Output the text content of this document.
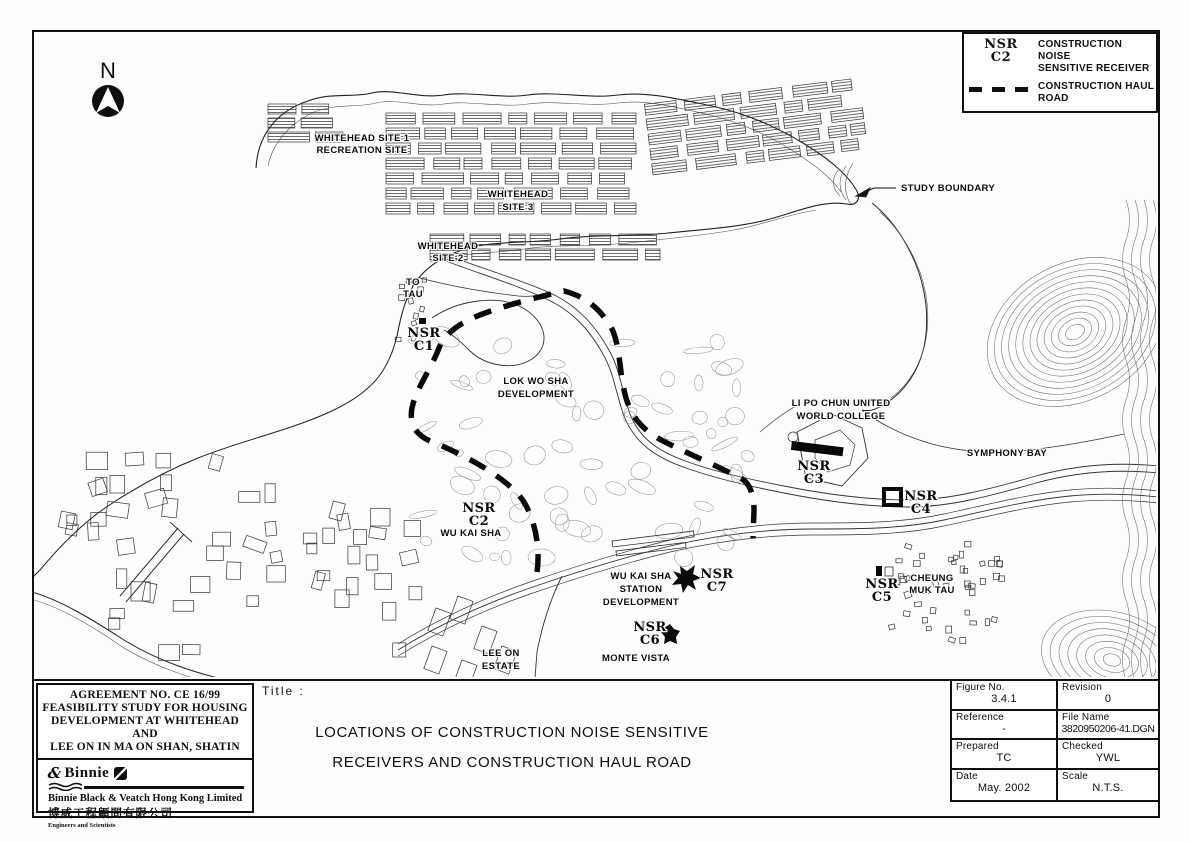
WHITEHEAD SITE 1 RECREATION SITE
WHITEHEAD SITE 3
WHITEHEAD SITE 2
TO TAU
LOK WO SHA DEVELOPMENT
LI PO CHUN UNITED WORLD COLLEGE
SYMPHONY BAY
WU KAI SHA
WU KAI SHA STATION DEVELOPMENT
CHEUNG MUK TAU
MONTE VISTA
LEE ON ESTATE
STUDY BOUNDARY
NSR C1
NSR C2
NSR C3
NSR C4
NSR C5
NSR C6
NSR C7
N
NSR
C2
CONSTRUCTION NOISE
SENSITIVE RECEIVER
CONSTRUCTION HAUL
ROAD
Title :
LOCATIONS OF CONSTRUCTION NOISE SENSITIVE
RECEIVERS AND CONSTRUCTION HAUL ROAD
AGREEMENT NO. CE 16/99
FEASIBILITY STUDY FOR HOUSING
DEVELOPMENT AT WHITEHEAD AND
LEE ON IN MA ON SHAN, SHATIN
& Binnie
Binnie Black & Veatch Hong Kong Limited
博威工程顧問有限公司
Engineers and Scientists
Figure No.
3.4.1
Revision
0
Reference
-
File Name
3820950206-41.DGN
Prepared
TC
Checked
YWL
Date
May. 2002
Scale
N.T.S.
